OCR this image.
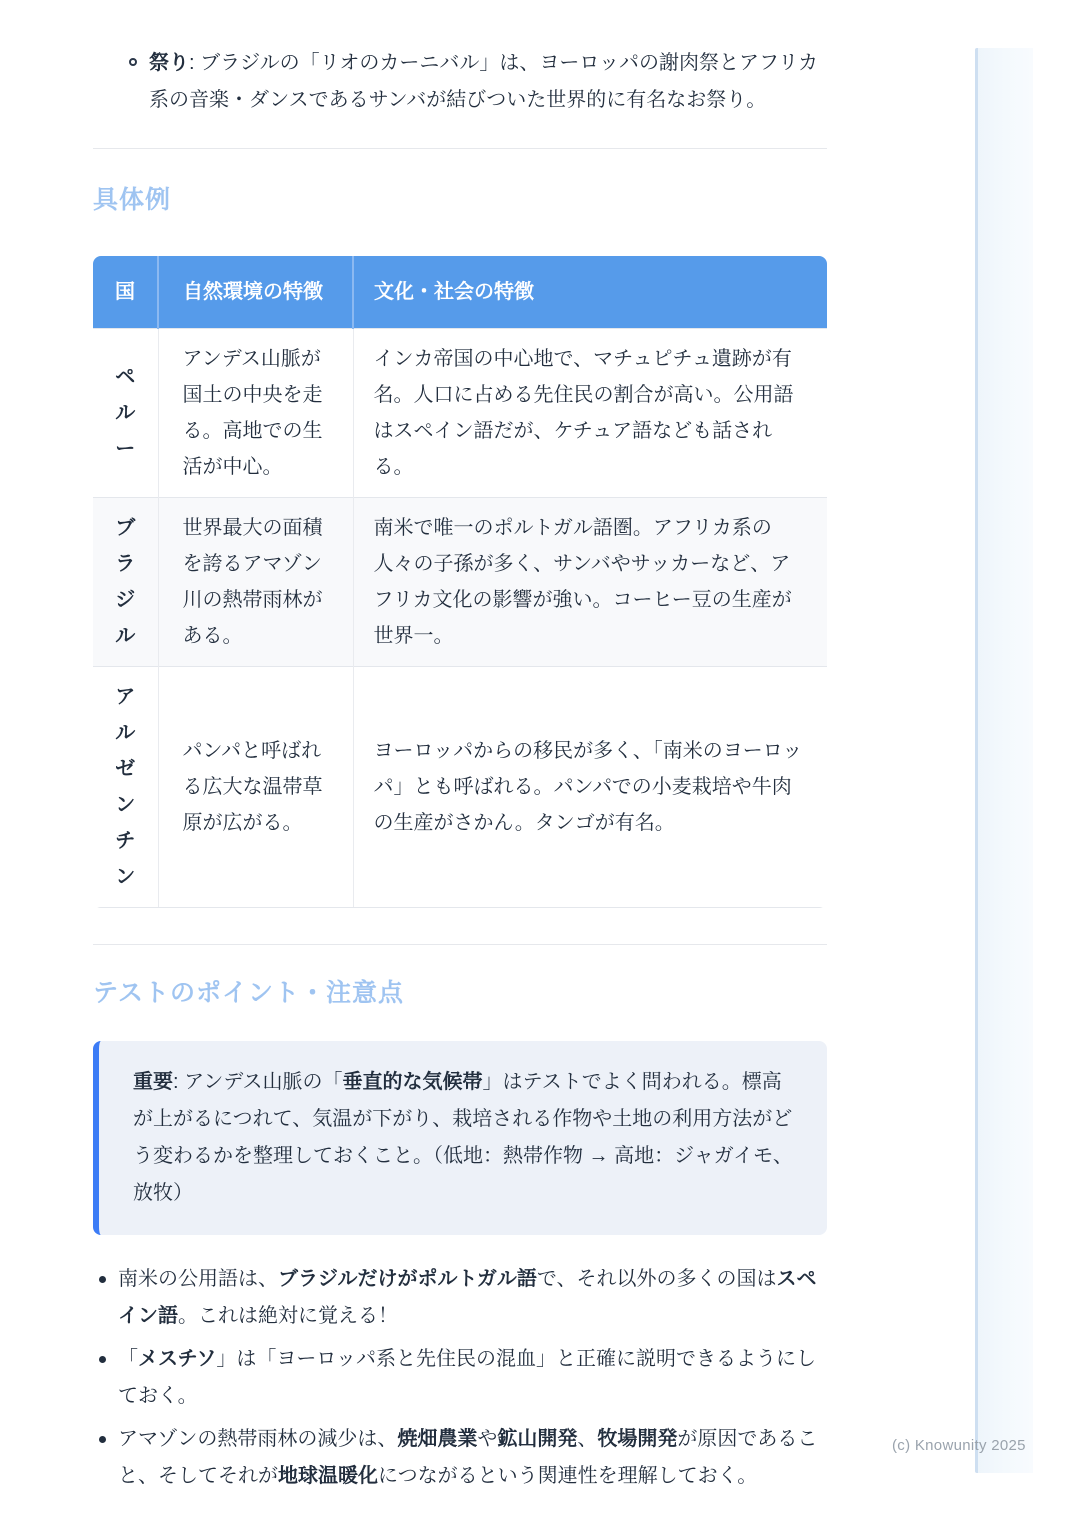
(c) Knowunity 2025
祭り: ブラジルの「リオのカーニバル」は、ヨーロッパの謝肉祭とアフリカ系の音楽・ダンスであるサンバが結びついた世界的に有名なお祭り。
具体例
国	自然環境の特徴	文化・社会の特徴
ペルー	アンデス山脈が国土の中央を走る。高地での生活が中心。	インカ帝国の中心地で、マチュピチュ遺跡が有名。人口に占める先住民の割合が高い。公用語はスペイン語だが、ケチュア語なども話される。
ブラジル	世界最大の面積を誇るアマゾン川の熱帯雨林がある。	南米で唯一のポルトガル語圏。アフリカ系の人々の子孫が多く、サンバやサッカーなど、アフリカ文化の影響が強い。コーヒー豆の生産が世界一。
アルゼンチン	パンパと呼ばれる広大な温帯草原が広がる。	ヨーロッパからの移民が多く、「南米のヨーロッパ」とも呼ばれる。パンパでの小麦栽培や牛肉の生産がさかん。タンゴが有名。
テストのポイント・注意点
重要: アンデス山脈の「垂直的な気候帯」はテストでよく問われる。標高が上がるにつれて、気温が下がり、栽培される作物や土地の利用方法がどう変わるかを整理しておくこと。（低地：熱帯作物 → 高地：ジャガイモ、放牧）
南米の公用語は、ブラジルだけがポルトガル語で、それ以外の多くの国はスペイン語。これは絶対に覚える！
「メスチソ」は「ヨーロッパ系と先住民の混血」と正確に説明できるようにしておく。
アマゾンの熱帯雨林の減少は、焼畑農業や鉱山開発、牧場開発が原因であること、そしてそれが地球温暖化につながるという関連性を理解しておく。
